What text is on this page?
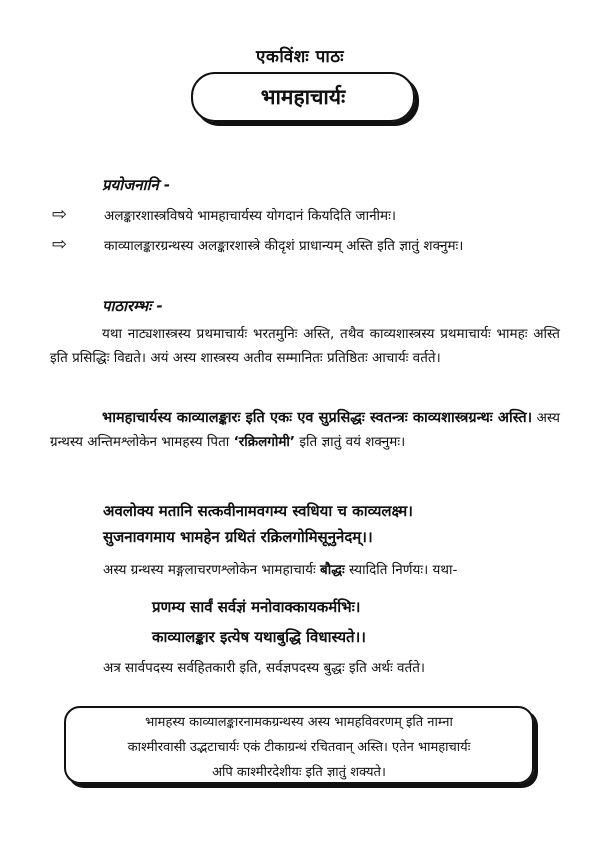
एकविंशः पाठः
भामहाचार्यः
प्रयोजनानि -
⇨	अलङ्कारशास्त्रविषये भामहाचार्यस्य योगदानं कियदिति जानीमः।
⇨	काव्यालङ्कारग्रन्थस्य अलङ्कारशास्त्रे कीदृशं प्राधान्यम् अस्ति इति ज्ञातुं शक्नुमः।
पाठारम्भः -

यथा नाट्यशास्त्रस्य प्रथमाचार्यः भरतमुनिः अस्ति, तथैव काव्यशास्त्रस्य प्रथमाचार्यः भामहः अस्ति इति प्रसिद्धिः विद्यते। अयं अस्य शास्त्रस्य अतीव सम्मानितः प्रतिष्ठितः आचार्यः वर्तते।

भामहाचार्यस्य काव्यालङ्कारः इति एकः एव सुप्रसिद्धः स्वतन्त्रः काव्यशास्त्रग्रन्थः अस्ति। अस्य ग्रन्थस्य अन्तिमश्लोकेन भामहस्य पिता ‘रक्रिलगोमी’ इति ज्ञातुं वयं शक्नुमः।

अवलोक्य मतानि सत्कवीनामवगम्य स्वधिया च काव्यलक्ष्म।
सुजनावगमाय भामहेन ग्रथितं रक्रिलगोमिसूनुनेदम्।।

अस्य ग्रन्थस्य मङ्गलाचरणश्लोकेन भामहाचार्यः बौद्धः स्यादिति निर्णयः। यथा-

प्रणम्य सार्वं सर्वज्ञं मनोवाक्कायकर्मभिः।
काव्यालङ्कार इत्येष यथाबुद्धि विधास्यते।।

अत्र सार्वपदस्य सर्वहितकारी इति, सर्वज्ञपदस्य बुद्धः इति अर्थः वर्तते।

भामहस्य काव्यालङ्कारनामकग्रन्थस्य अस्य भामहविवरणम् इति नाम्ना
काश्मीरवासी उद्भटाचार्यः एकं टीकाग्रन्थं रचितवान् अस्ति। एतेन भामहाचार्यः
अपि काश्मीरदेशीयः इति ज्ञातुं शक्यते।
